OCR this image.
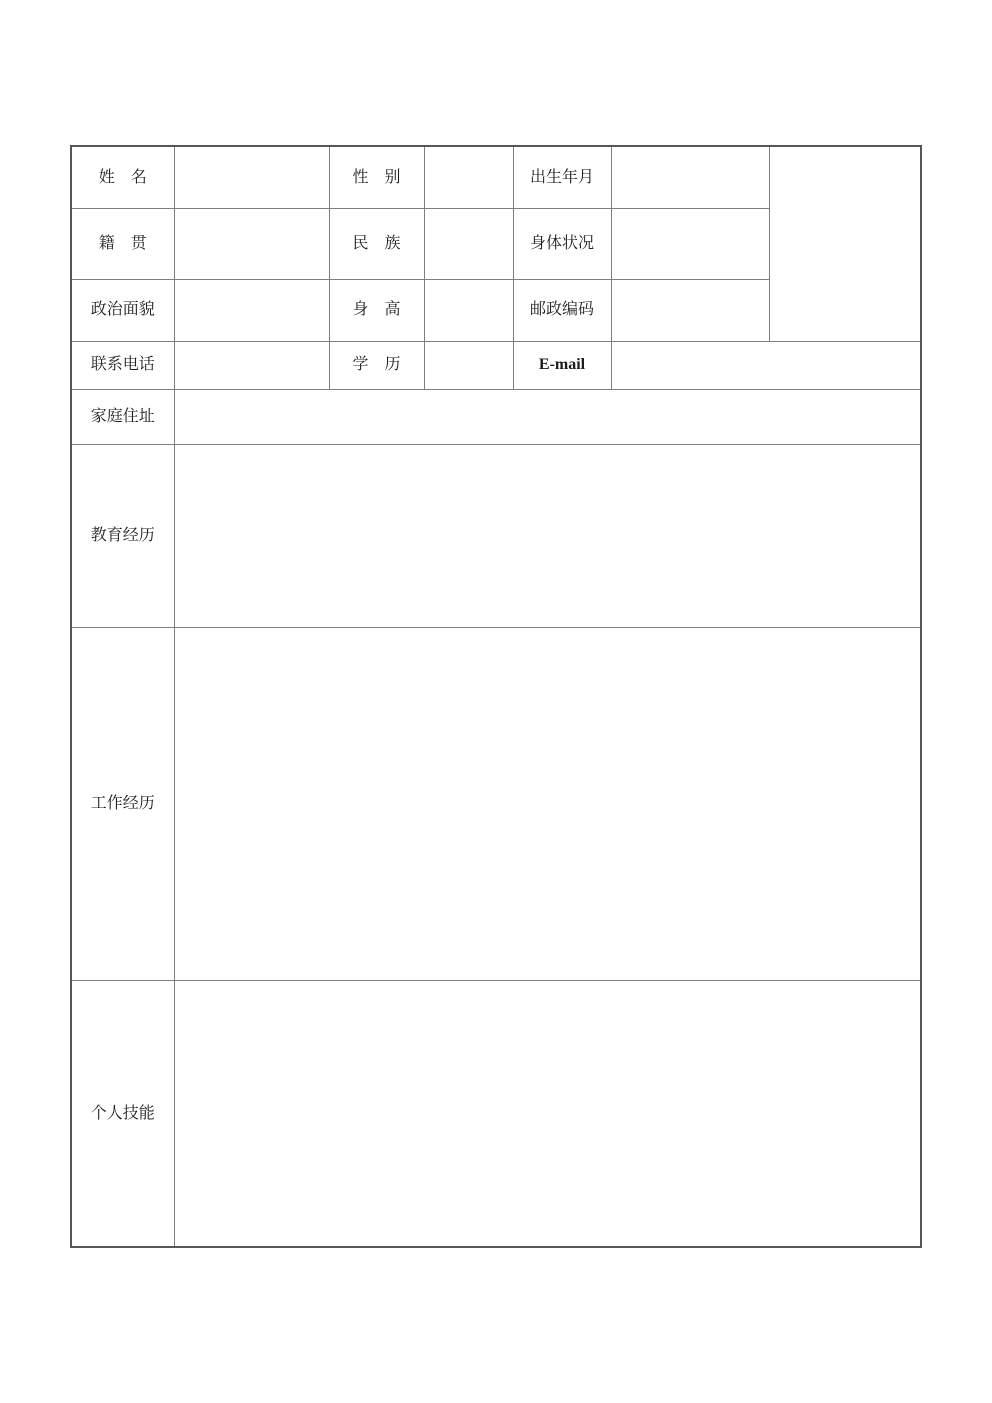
姓　名		性　别		出生年月		
籍　贯		民　族		身体状况		
政治面貌		身　高		邮政编码		
联系电话		学　历		E-mail		
家庭住址						
教育经历						
工作经历						
个人技能						
